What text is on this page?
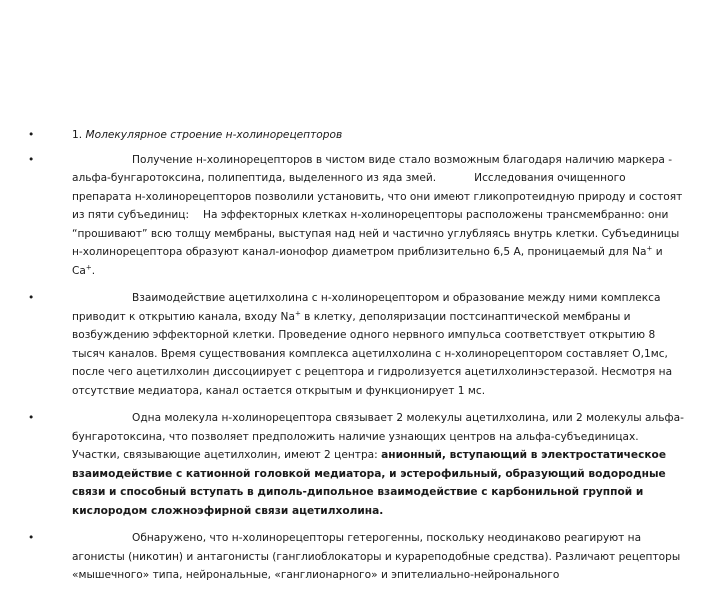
•	1. Молекулярное строение н-холинорецепторов
•	Получение н-холинорецепторов в чистом виде стало возможным благодаря наличию маркера - альфа-бунгаротоксина, полипептида, выделенного из яда змей.	Исследования очищенного препарата н-холинорецепторов позволили установить, что они имеют гликопротеидную природу и состоят из пяти субъединиц: На эффекторных клетках н-холинорецепторы расположены трансмембранно: они “прошивают” всю толщу мембраны, выступая над ней и частично углубляясь внутрь клетки. Субъединицы н-холинорецептора образуют канал-ионофор диаметром приблизительно 6,5 А, проницаемый для Na+ и Ca+.
•	Взаимодействие ацетилхолина с н-холинорецептором и образование между ними комплекса приводит к открытию канала, входу Na+ в клетку, деполяризации постсинаптической мембраны и возбуждению эффекторной клетки. Проведение одного нервного импульса соответствует открытию 8 тысяч каналов. Время существования комплекса ацетилхолина с н-холинорецептором составляет О,1мс, после чего ацетилхолин диссоциирует с рецептора и гидролизуется ацетилхолинэстеразой. Несмотря на отсутствие медиатора, канал остается открытым и функционирует 1 мс.
•	Одна молекула н-холинорецептора связывает 2 молекулы ацетилхолина, или 2 молекулы альфа-бунгаротоксина, что позволяет предположить наличие узнающих центров на альфа-субъединицах.Участки, связывающие ацетилхолин, имеют 2 центра: анионный, вступающий в электростатическое взаимодействие с катионной головкой медиатора, и эстерофильный, образующий водородные связи и способный вступать в диполь-дипольное взаимодействие с карбонильной группой и кислородом сложноэфирной связи ацетилхолина.
•	Обнаружено, что н-холинорецепторы гетерогенны, поскольку неодинаково реагируют на агонисты (никотин) и антагонисты (ганглиоблокаторы и курареподобные средства). Различают рецепторы «мышечного» типа, нейрональные, «ганглионарного» и эпителиально-нейронального
